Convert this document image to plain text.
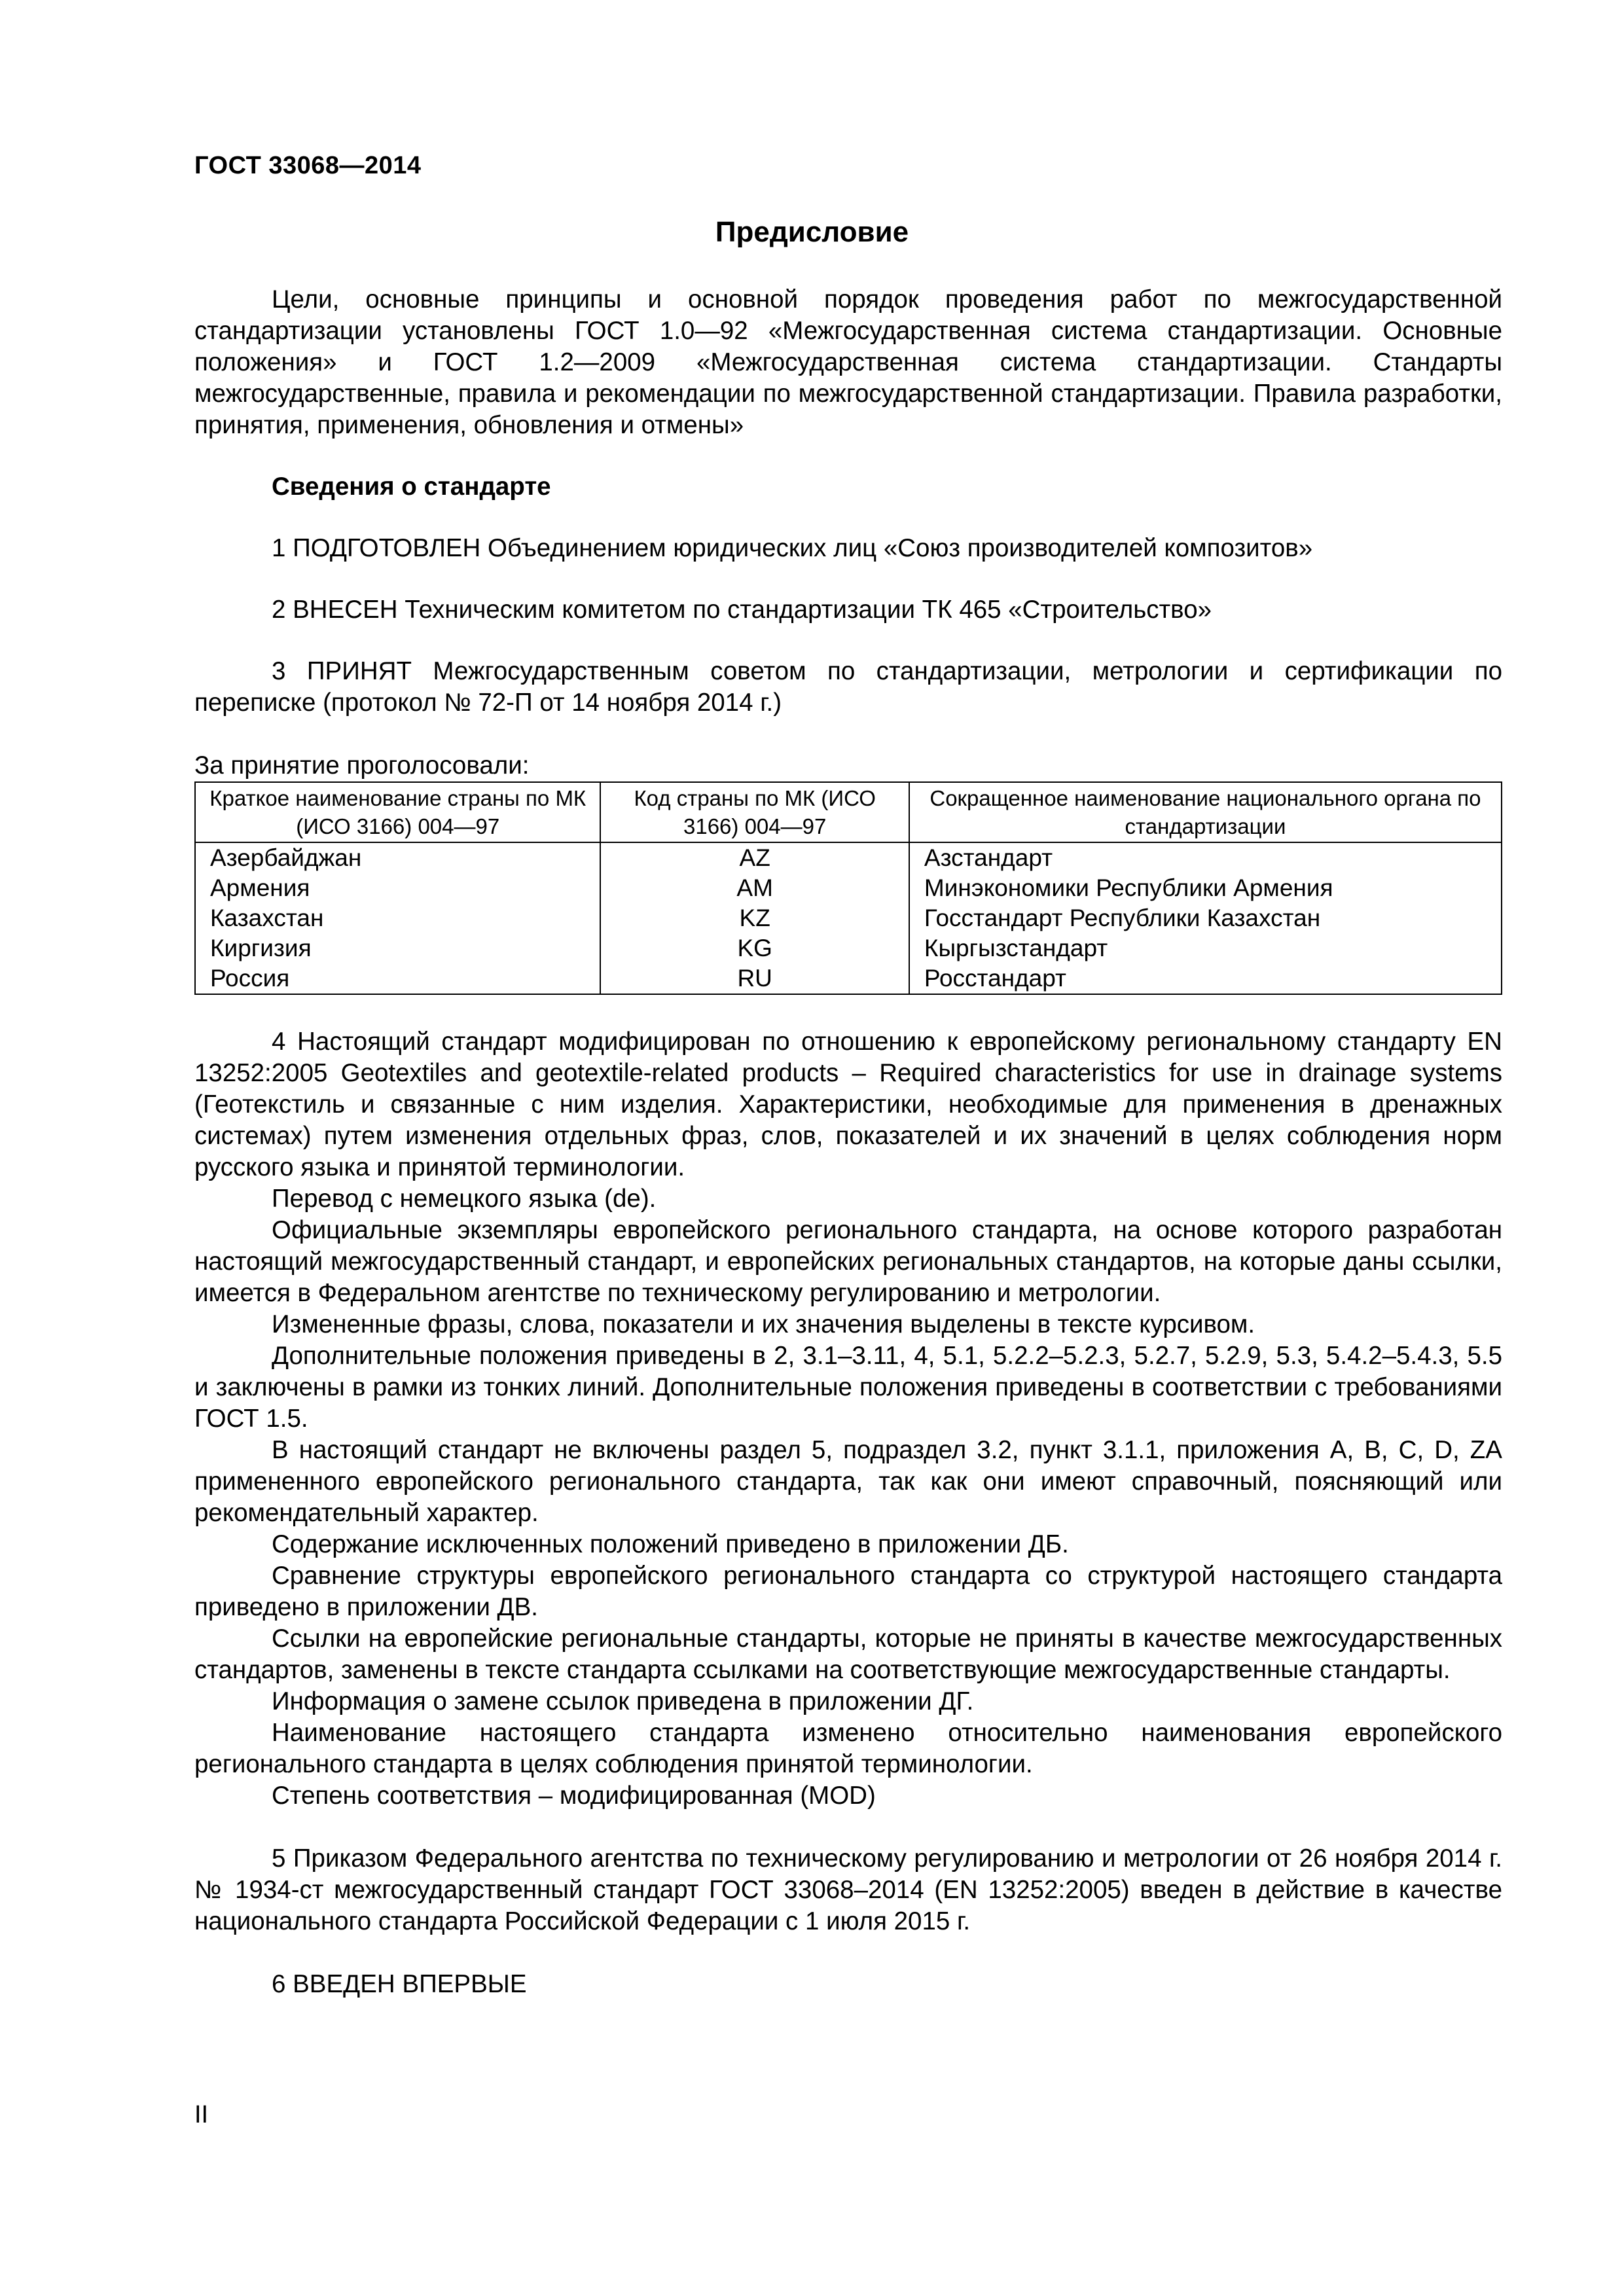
ГОСТ 33068—2014
Предисловие

Цели, основные принципы и основной порядок проведения работ по межгосударственной стандартизации установлены ГОСТ 1.0—92 «Межгосударственная система стандартизации. Основные положения» и ГОСТ 1.2—2009 «Межгосударственная система стандартизации. Стандарты межгосударственные, правила и рекомендации по межгосударственной стандартизации. Правила разработки, принятия, применения, обновления и отмены»

Сведения о стандарте

1 ПОДГОТОВЛЕН Объединением юридических лиц «Союз производителей композитов»

2 ВНЕСЕН Техническим комитетом по стандартизации ТК 465 «Строительство»

3 ПРИНЯТ Межгосударственным советом по стандартизации, метрологии и сертификации по переписке (протокол № 72-П от 14 ноября 2014 г.)

За принятие проголосовали:

Краткое наименование страны по МК (ИСО 3166) 004—97	Код страны по МК (ИСО 3166) 004—97	Сокращенное наименование национального органа по стандартизации
Азербайджан	AZ	Азстандарт
Армения	AM	Минэкономики Республики Армения
Казахстан	KZ	Госстандарт Республики Казахстан
Киргизия	KG	Кыргызстандарт
Россия	RU	Росстандарт

4 Настоящий стандарт модифицирован по отношению к европейскому региональному стандарту EN 13252:2005 Geotextiles and geotextile-related products – Required characteristics for use in drainage systems (Геотекстиль и связанные с ним изделия. Характеристики, необходимые для применения в дренажных системах) путем изменения отдельных фраз, слов, показателей и их значений в целях соблюдения норм русского языка и принятой терминологии.

Перевод с немецкого языка (de).

Официальные экземпляры европейского регионального стандарта, на основе которого разработан настоящий межгосударственный стандарт, и европейских региональных стандартов, на которые даны ссылки, имеется в Федеральном агентстве по техническому регулированию и метрологии.

Измененные фразы, слова, показатели и их значения выделены в тексте курсивом.

Дополнительные положения приведены в 2, 3.1–3.11, 4, 5.1, 5.2.2–5.2.3, 5.2.7, 5.2.9, 5.3, 5.4.2–5.4.3, 5.5 и заключены в рамки из тонких линий. Дополнительные положения приведены в соответствии с требованиями ГОСТ 1.5.

В настоящий стандарт не включены раздел 5, подраздел 3.2, пункт 3.1.1, приложения A, B, C, D, ZA примененного европейского регионального стандарта, так как они имеют справочный, поясняющий или рекомендательный характер.

Содержание исключенных положений приведено в приложении ДБ.

Сравнение структуры европейского регионального стандарта со структурой настоящего стандарта приведено в приложении ДВ.

Ссылки на европейские региональные стандарты, которые не приняты в качестве межгосударственных стандартов, заменены в тексте стандарта ссылками на соответствующие межгосударственные стандарты.

Информация о замене ссылок приведена в приложении ДГ.

Наименование настоящего стандарта изменено относительно наименования европейского регионального стандарта в целях соблюдения принятой терминологии.

Степень соответствия – модифицированная (MOD)

5 Приказом Федерального агентства по техническому регулированию и метрологии от 26 ноября 2014 г. № 1934-ст межгосударственный стандарт ГОСТ 33068–2014 (EN 13252:2005) введен в действие в качестве национального стандарта Российской Федерации с 1 июля 2015 г.

6 ВВЕДЕН ВПЕРВЫЕ

II
